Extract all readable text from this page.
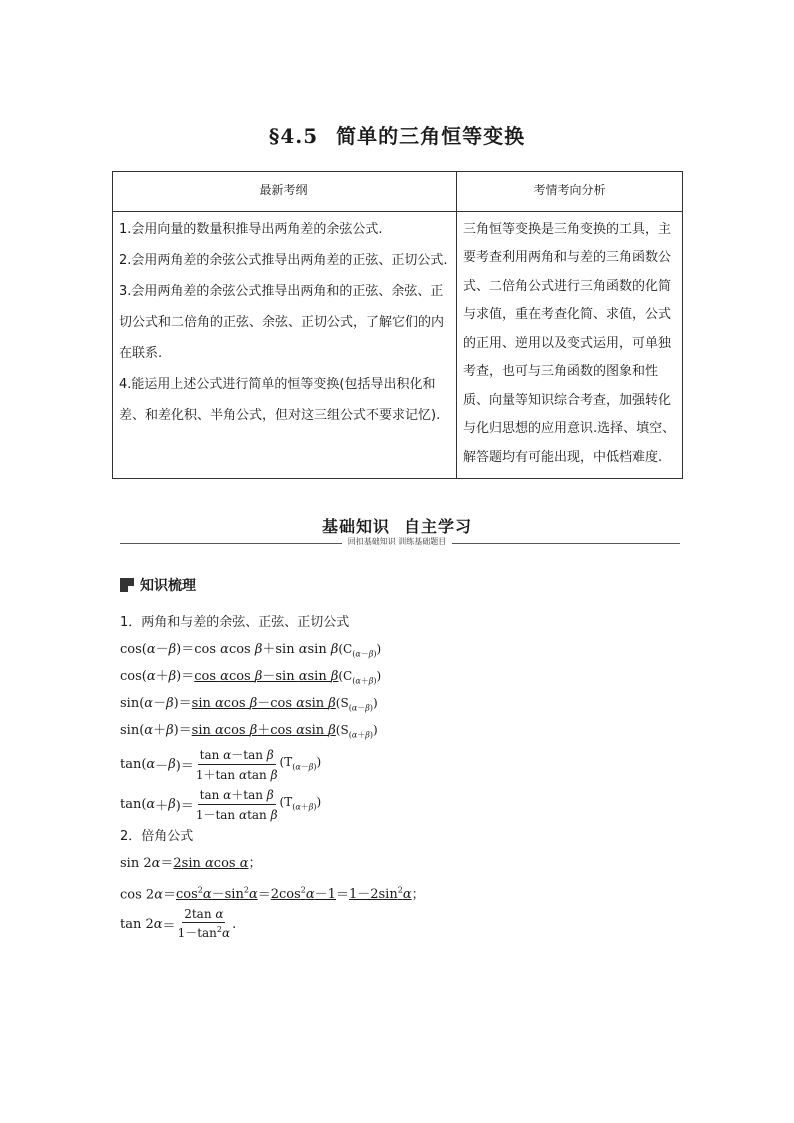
§4.5 简单的三角恒等变换
最新考纲	考情考向分析

1.会用向量的数量积推导出两角差的余弦公式.

2.会用两角差的余弦公式推导出两角差的正弦、正切公式.

3.会用两角差的余弦公式推导出两角和的正弦、余弦、正切公式和二倍角的正弦、余弦、正切公式，了解它们的内在联系.

4.能运用上述公式进行简单的恒等变换(包括导出积化和差、和差化积、半角公式，但对这三组公式不要求记忆).	三角恒等变换是三角变换的工具，主要考查利用两角和与差的三角函数公式、二倍角公式进行三角函数的化简与求值，重在考查化简、求值，公式的正用、逆用以及变式运用，可单独考查，也可与三角函数的图象和性质、向量等知识综合考查，加强转化与化归思想的应用意识.选择、填空、解答题均有可能出现，中低档难度.
基础知识 自主学习
回扣基础知识 训练基础题目
知识梳理

1．两角和与差的余弦、正弦、正切公式

cos(α－β)＝cos αcos β＋sin αsin $\beta(C_{(\alpha-\beta)})$
cos(α＋β)＝cos αcos β－sin αsin $\beta(C_{(\alpha+\beta)})$
sin(α－β)＝sin αcos β－cos αsin $\beta(S_{(\alpha-\beta)})$
sin(α＋β)＝sin αcos β＋cos αsin $\beta(S_{(\alpha+\beta)})$
tan( α － β )＝ $\frac{\text{tan α－tan β}}{\text{1＋tan αtan β}} (T_{(\alpha-\beta)})$
tan( α ＋ β )＝ $\frac{\text{tan α＋tan β}}{\text{1－tan αtan β}} (T_{(\alpha+\beta)})$

2．倍角公式

sin 2α＝2sin αcos α；
$\cos 2\alpha=\cos^2\alpha-\sin^2\alpha=2\cos^2\alpha-1=1-2\sin^2\alpha$；
tan 2 $\alpha = \frac{\text{2tan α}}{1-\tan^2\alpha}$ .
